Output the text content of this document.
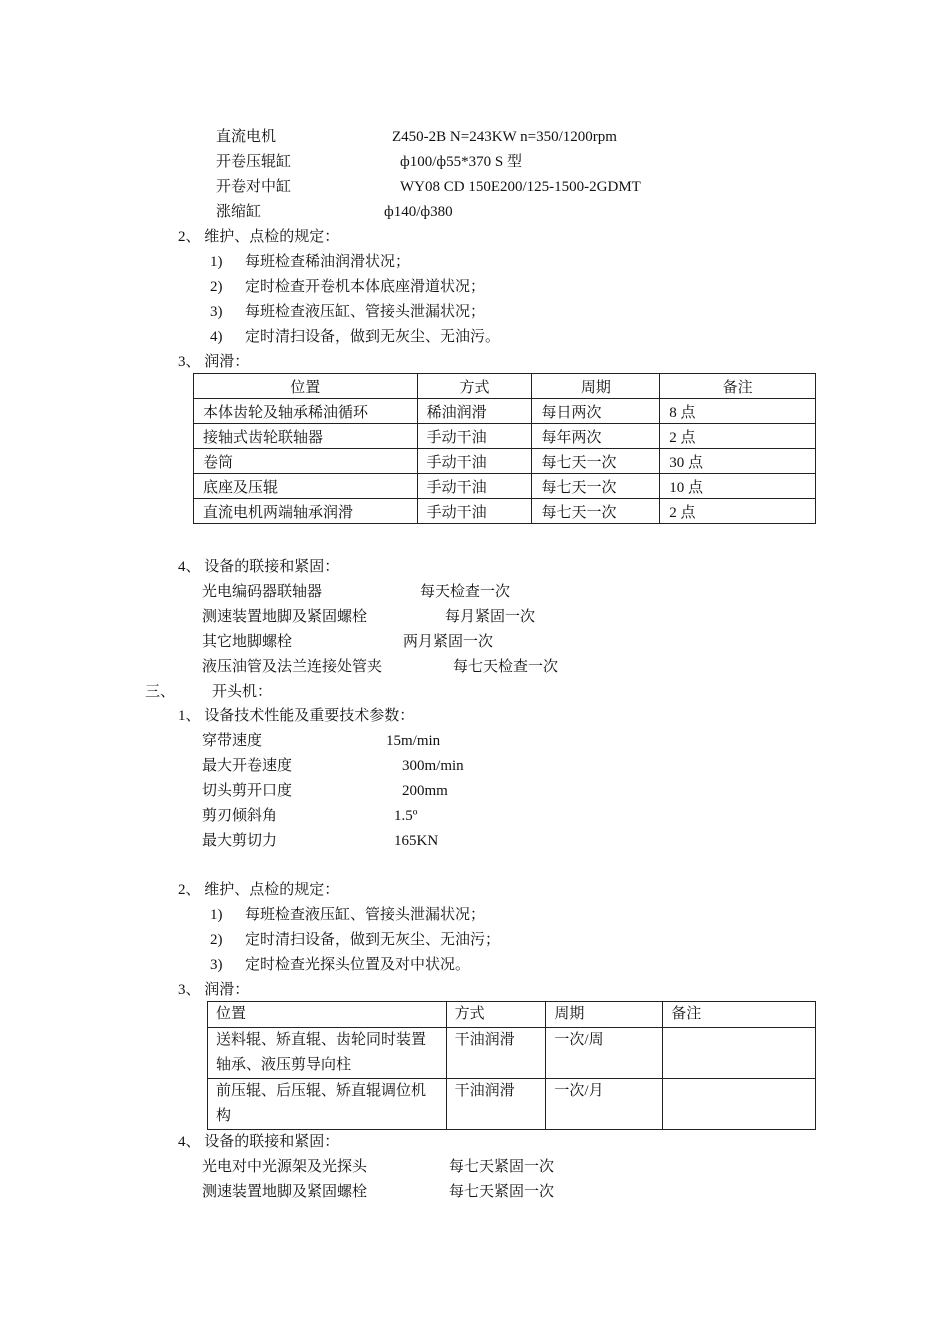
直流电机	Z450-2B N=243KW n=350/1200rpm
开卷压辊缸	ф100/ф55*370 S 型
开卷对中缸	WY08 CD 150E200/125-1500-2GDMT
涨缩缸	ф140/ф380
2、 维护、点检的规定：
1) 每班检查稀油润滑状况；
2) 定时检查开卷机本体底座滑道状况；
3) 每班检查液压缸、管接头泄漏状况；
4) 定时清扫设备，做到无灰尘、无油污。
3、 润滑：
位置	方式	周期	备注
本体齿轮及轴承稀油循环	稀油润滑	每日两次	8 点
接轴式齿轮联轴器	手动干油	每年两次	2 点
卷筒	手动干油	每七天一次	30 点
底座及压辊	手动干油	每七天一次	10 点
直流电机两端轴承润滑	手动干油	每七天一次	2 点
4、 设备的联接和紧固：
光电编码器联轴器	每天检查一次
测速装置地脚及紧固螺栓	每月紧固一次
其它地脚螺栓	两月紧固一次
液压油管及法兰连接处管夹	每七天检查一次
三、 开头机：
1、 设备技术性能及重要技术参数：
穿带速度	15m/min
最大开卷速度	300m/min
切头剪开口度	200mm
剪刃倾斜角	1.5º
最大剪切力	165KN
2、 维护、点检的规定：
1) 每班检查液压缸、管接头泄漏状况；
2) 定时清扫设备，做到无灰尘、无油污；
3) 定时检查光探头位置及对中状况。
3、 润滑：
位置	方式	周期	备注
送料辊、矫直辊、齿轮同时装置轴承、液压剪导向柱	干油润滑	一次/周	
前压辊、后压辊、矫直辊调位机构	干油润滑	一次/月	
4、 设备的联接和紧固：
光电对中光源架及光探头	每七天紧固一次
测速装置地脚及紧固螺栓	每七天紧固一次
